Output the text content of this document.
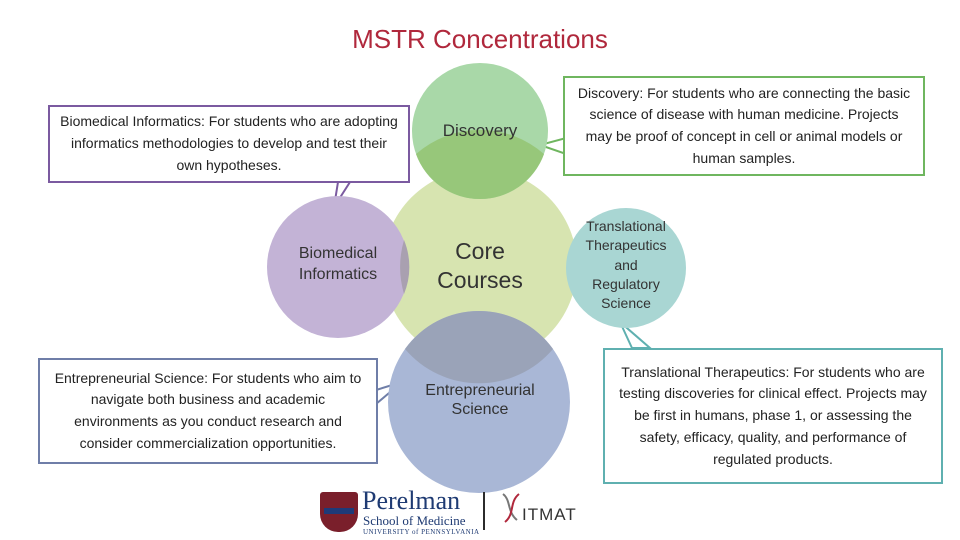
MSTR Concentrations
Discovery
Core
Courses
Biomedical
Informatics
Translational
Therapeutics
and
Regulatory
Science
Entrepreneurial
Science
Biomedical Informatics: For students who are adopting informatics methodologies to develop and test their own hypotheses.
Entrepreneurial Science: For students who aim to navigate both business and academic environments as you conduct research and consider commercialization opportunities.
Discovery: For students who are connecting the basic science of disease with human medicine. Projects may be proof of concept in cell or animal models or human samples.
Translational Therapeutics: For students who are testing discoveries for clinical effect. Projects may be first in humans, phase 1, or assessing the safety, efficacy, quality, and performance of regulated products.
Perelman
School of Medicine
UNIVERSITY of PENNSYLVANIA
ITMAT
